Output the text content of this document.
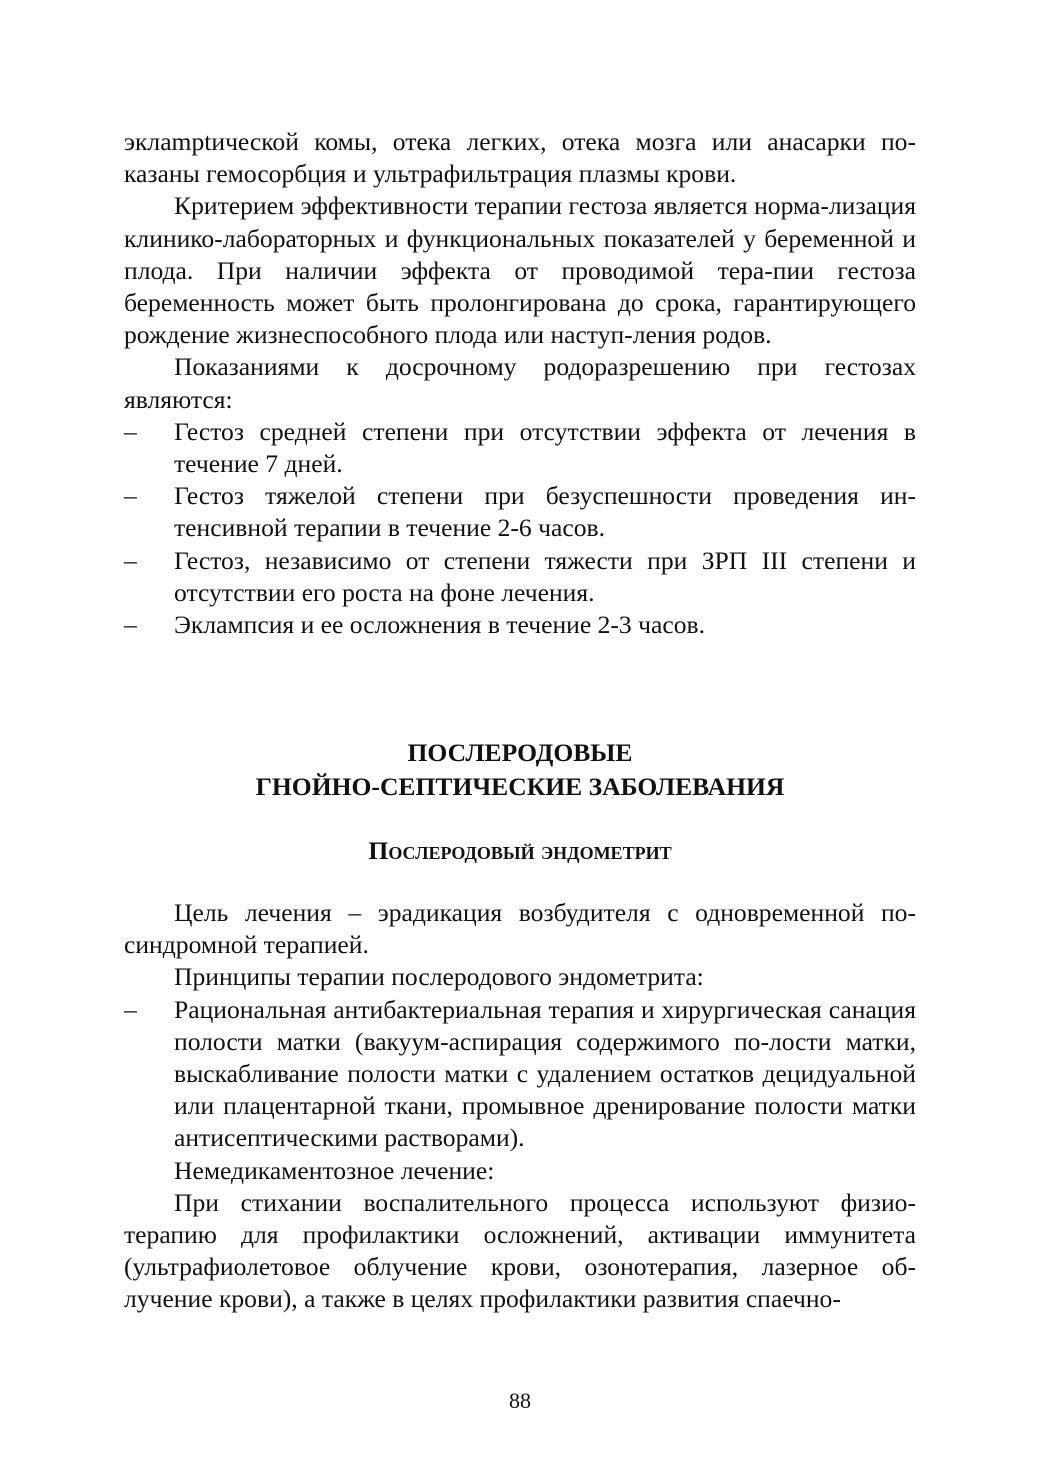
эклamptической комы, отека легких, отека мозга или анасарки по-казаны гемосорбция и ультрафильтрация плазмы крови.

Критерием эффективности терапии гестоза является норма-лизация клинико-лабораторных и функциональных показателей у беременной и плода. При наличии эффекта от проводимой тера-пии гестоза беременность может быть пролонгирована до срока, гарантирующего рождение жизнеспособного плода или наступ-ления родов.

Показаниями к досрочному родоразрешению при гестозах являются:

– Гестоз средней степени при отсутствии эффекта от лечения в течение 7 дней.
– Гестоз тяжелой степени при безуспешности проведения ин-тенсивной терапии в течение 2-6 часов.
– Гестоз, независимо от степени тяжести при ЗРП III степени и отсутствии его роста на фоне лечения.
– Эклампсия и ее осложнения в течение 2-3 часов.
ПОСЛЕРОДОВЫЕ
ГНОЙНО-СЕПТИЧЕСКИЕ ЗАБОЛЕВАНИЯ
Послеродовый эндометрит

Цель лечения – эрадикация возбудителя с одновременной по-синдромной терапией.

Принципы терапии послеродового эндометрита:

– Рациональная антибактериальная терапия и хирургическая санация полости матки (вакуум-аспирация содержимого по-лости матки, выскабливание полости матки с удалением остатков децидуальной или плацентарной ткани, промывное дренирование полости матки антисептическими растворами).

Немедикаментозное лечение:

При стихании воспалительного процесса используют физио-терапию для профилактики осложнений, активации иммунитета (ультрафиолетовое облучение крови, озонотерапия, лазерное об-лучение крови), а также в целях профилактики развития спаечно-

88
